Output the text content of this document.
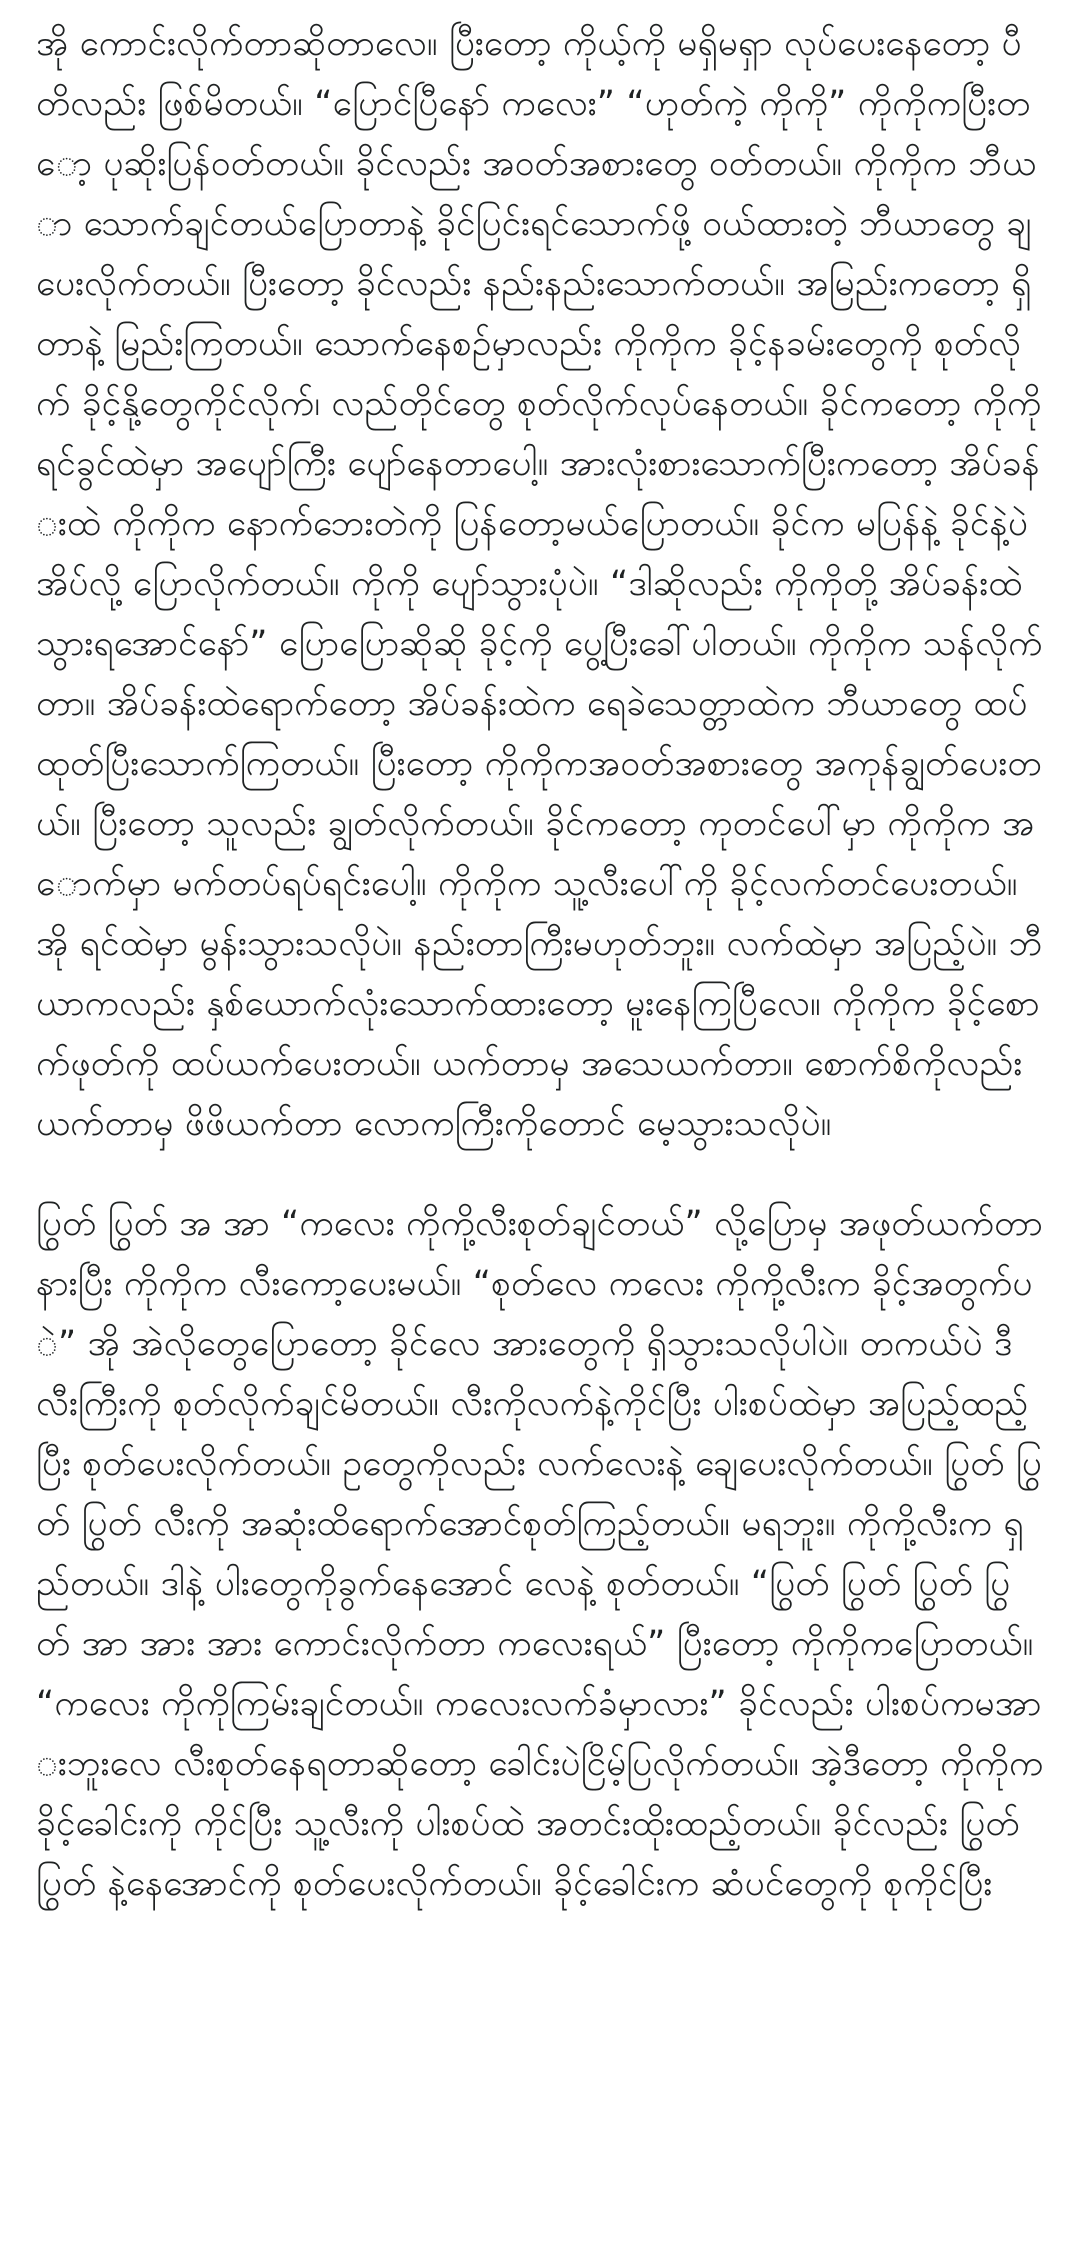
အို ကောင်းလိုက်တာဆိုတာလေ။ ပြီးတော့ ကိုယ့်ကို မရှိမရှာ လုပ်ပေးနေတော့ ပီတိလည်း ဖြစ်မိတယ်။ “ပြောင်ပြီနော် ကလေး” “ဟုတ်ကဲ့ ကိုကို” ကိုကိုကပြီးတော့ ပုဆိုးပြန်ဝတ်တယ်။ ခိုင်လည်း အဝတ်အစားတွေ ဝတ်တယ်။ ကိုကိုက ဘီယာ သောက်ချင်တယ်ပြောတာနဲ့ ခိုင်ပြင်းရင်သောက်ဖို့ ဝယ်ထားတဲ့ ဘီယာတွေ ချပေးလိုက်တယ်။ ပြီးတော့ ခိုင်လည်း နည်းနည်းသောက်တယ်။ အမြည်းကတော့ ရှိတာနဲ့ မြည်းကြတယ်။ သောက်နေစဉ်မှာလည်း ကိုကိုက ခိုင့်နခမ်းတွေကို စုတ်လိုက် ခိုင့်နို့တွေကိုင်လိုက်၊ လည်တိုင်တွေ စုတ်လိုက်လုပ်နေတယ်။ ခိုင်ကတော့ ကိုကိုရင်ခွင်ထဲမှာ အပျော်ကြီး ပျော်နေတာပေါ့။ အားလုံးစားသောက်ပြီးကတော့ အိပ်ခန်းထဲ ကိုကိုက နောက်ဘေးတဲကို ပြန်တော့မယ်ပြောတယ်။ ခိုင်က မပြန်နဲ့ ခိုင်နဲ့ပဲ အိပ်လို့ ပြောလိုက်တယ်။ ကိုကို ပျော်သွားပုံပဲ။ “ဒါဆိုလည်း ကိုကိုတို့ အိပ်ခန်းထဲသွားရအောင်နော်” ပြောပြောဆိုဆို ခိုင့်ကို ပွေ့ပြီးခေါ်ပါတယ်။ ကိုကိုက သန်လိုက်တာ။ အိပ်ခန်းထဲရောက်တော့ အိပ်ခန်းထဲက ရေခဲသေတ္တာထဲက ဘီယာတွေ ထပ်ထုတ်ပြီးသောက်ကြတယ်။ ပြီးတော့ ကိုကိုကအဝတ်အစားတွေ အကုန်ချွတ်ပေးတယ်။ ပြီးတော့ သူလည်း ချွတ်လိုက်တယ်။ ခိုင်ကတော့ ကုတင်ပေါ်မှာ ကိုကိုက အောက်မှာ မက်တပ်ရပ်ရင်းပေါ့။ ကိုကိုက သူ့လီးပေါ်ကို ခိုင့်လက်တင်ပေးတယ်။ အို ရင်ထဲမှာ မွန်းသွားသလိုပဲ။ နည်းတာကြီးမဟုတ်ဘူး။ လက်ထဲမှာ အပြည့်ပဲ။ ဘီယာကလည်း နှစ်ယောက်လုံးသောက်ထားတော့ မူးနေကြပြီလေ။ ကိုကိုက ခိုင့်စောက်ဖုတ်ကို ထပ်ယက်ပေးတယ်။ ယက်တာမှ အသေယက်တာ။ စောက်စိကိုလည်း ယက်တာမှ ဖိဖိယက်တာ လောကကြီးကိုတောင် မေ့သွားသလိုပဲ။

ပြွတ် ပြွတ် အ အာ “ကလေး ကိုကို့လီးစုတ်ချင်တယ်” လို့ပြောမှ အဖုတ်ယက်တာနားပြီး ကိုကိုက လီးကော့ပေးမယ်။ “စုတ်လေ ကလေး ကိုကို့လီးက ခိုင့်အတွက်ပဲ” အို အဲလိုတွေပြောတော့ ခိုင်လေ အားတွေကို ရှိသွားသလိုပါပဲ။ တကယ်ပဲ ဒီလီးကြီးကို စုတ်လိုက်ချင်မိတယ်။ လီးကိုလက်နဲ့ကိုင်ပြီး ပါးစပ်ထဲမှာ အပြည့်ထည့်ပြီး စုတ်ပေးလိုက်တယ်။ ဥတွေကိုလည်း လက်လေးနဲ့ ချေပေးလိုက်တယ်။ ပြွတ် ပြွတ် ပြွတ် လီးကို အဆုံးထိရောက်အောင်စုတ်ကြည့်တယ်။ မရဘူး။ ကိုကို့လီးက ရှည်တယ်။ ဒါနဲ့ ပါးတွေကိုခွက်နေအောင် လေနဲ့ စုတ်တယ်။ “ပြွတ် ပြွတ် ပြွတ် ပြွတ် အာ အား အား ကောင်းလိုက်တာ ကလေးရယ်” ပြီးတော့ ကိုကိုကပြောတယ်။ “ကလေး ကိုကိုကြမ်းချင်တယ်။ ကလေးလက်ခံမှာလား” ခိုင်လည်း ပါးစပ်ကမအားဘူးလေ လီးစုတ်နေရတာဆိုတော့ ခေါင်းပဲငြိမ့်ပြလိုက်တယ်။ အဲ့ဒီတော့ ကိုကိုက ခိုင့်ခေါင်းကို ကိုင်ပြီး သူ့လီးကို ပါးစပ်ထဲ အတင်းထိုးထည့်တယ်။ ခိုင်လည်း ပြွတ် ပြွတ် နဲ့နေအောင်ကို စုတ်ပေးလိုက်တယ်။ ခိုင့်ခေါင်းက ဆံပင်တွေကို စုကိုင်ပြီး
